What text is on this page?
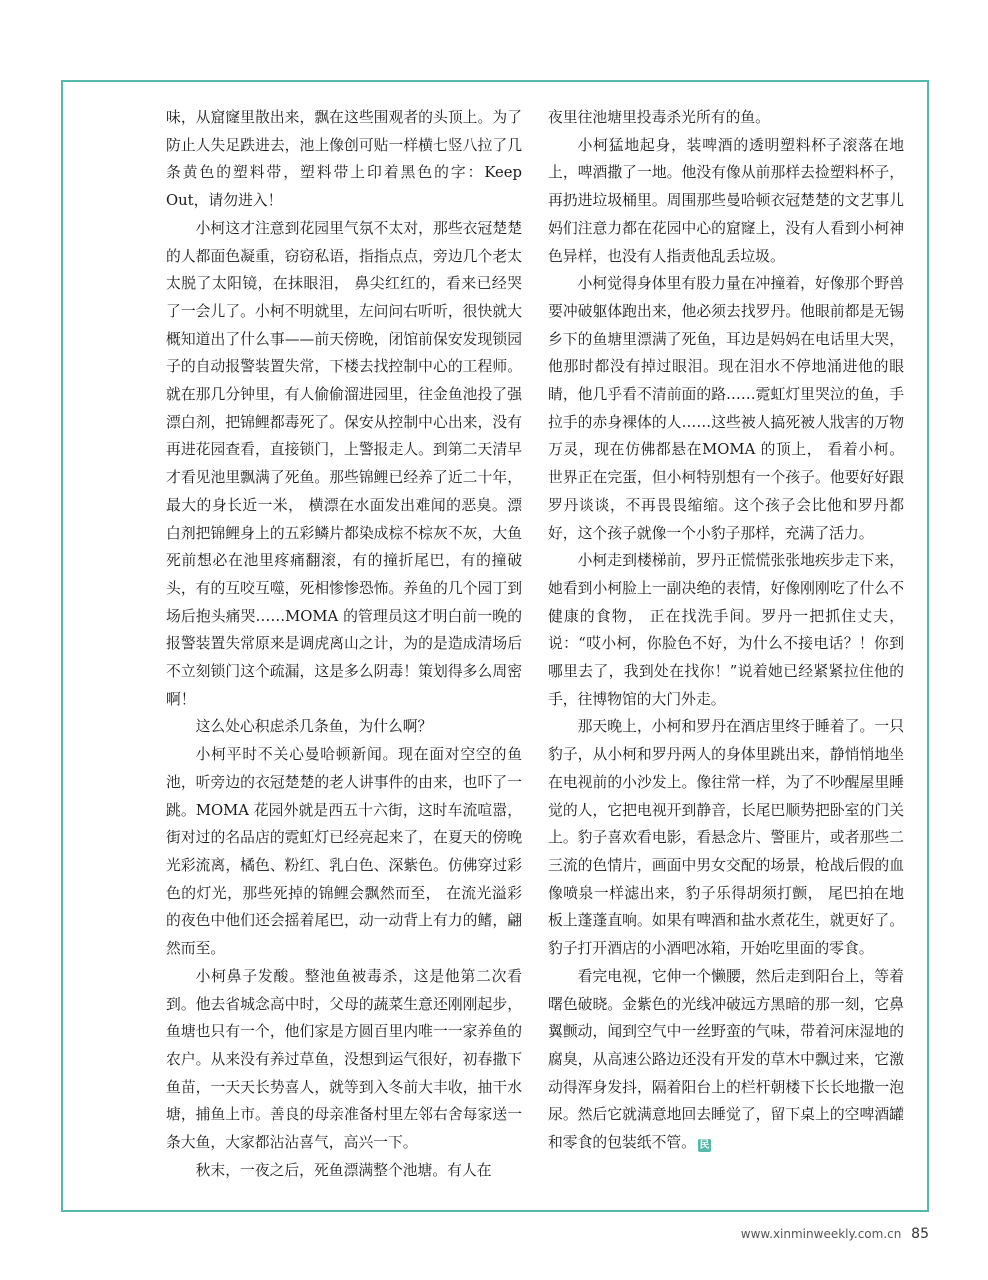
味，从窟窿里散出来，飘在这些围观者的头顶上。为了防止人失足跌进去，池上像创可贴一样横七竖八拉了几条黄色的塑料带，塑料带上印着黑色的字：Keep Out，请勿进入！

小柯这才注意到花园里气氛不太对，那些衣冠楚楚的人都面色凝重，窃窃私语，指指点点，旁边几个老太太脱了太阳镜，在抹眼泪， 鼻尖红红的，看来已经哭了一会儿了。小柯不明就里，左问问右听听，很快就大概知道出了什么事——前天傍晚，闭馆前保安发现锁园子的自动报警装置失常，下楼去找控制中心的工程师。就在那几分钟里，有人偷偷溜进园里，往金鱼池投了强漂白剂，把锦鲤都毒死了。保安从控制中心出来，没有再进花园查看，直接锁门，上警报走人。到第二天清早才看见池里飘满了死鱼。那些锦鲤已经养了近二十年，最大的身长近一米， 横漂在水面发出难闻的恶臭。漂白剂把锦鲤身上的五彩鳞片都染成棕不棕灰不灰，大鱼死前想必在池里疼痛翻滚，有的撞折尾巴，有的撞破头，有的互咬互噬，死相惨惨恐怖。养鱼的几个园丁到场后抱头痛哭……MOMA 的管理员这才明白前一晚的报警装置失常原来是调虎离山之计，为的是造成清场后不立刻锁门这个疏漏，这是多么阴毒！策划得多么周密啊！

这么处心积虑杀几条鱼，为什么啊？

小柯平时不关心曼哈顿新闻。现在面对空空的鱼池，听旁边的衣冠楚楚的老人讲事件的由来，也吓了一跳。MOMA 花园外就是西五十六街，这时车流喧嚣，街对过的名品店的霓虹灯已经亮起来了，在夏天的傍晚光彩流离，橘色、粉红、乳白色、深紫色。仿佛穿过彩色的灯光，那些死掉的锦鲤会飘然而至， 在流光溢彩的夜色中他们还会摇着尾巴，动一动背上有力的鳍，翩然而至。

小柯鼻子发酸。整池鱼被毒杀，这是他第二次看到。他去省城念高中时，父母的蔬菜生意还刚刚起步，鱼塘也只有一个，他们家是方圆百里内唯一一家养鱼的农户。从来没有养过草鱼，没想到运气很好，初春撒下鱼苗，一天天长势喜人，就等到入冬前大丰收，抽干水塘，捕鱼上市。善良的母亲准备村里左邻右舍每家送一条大鱼，大家都沾沾喜气，高兴一下。

秋末，一夜之后，死鱼漂满整个池塘。有人在

夜里往池塘里投毒杀光所有的鱼。

小柯猛地起身，装啤酒的透明塑料杯子滚落在地上，啤酒撒了一地。他没有像从前那样去捡塑料杯子， 再扔进垃圾桶里。周围那些曼哈顿衣冠楚楚的文艺事儿妈们注意力都在花园中心的窟窿上，没有人看到小柯神色异样，也没有人指责他乱丢垃圾。

小柯觉得身体里有股力量在冲撞着，好像那个野兽要冲破躯体跑出来，他必须去找罗丹。他眼前都是无锡乡下的鱼塘里漂满了死鱼，耳边是妈妈在电话里大哭，他那时都没有掉过眼泪。现在泪水不停地涌进他的眼睛，他几乎看不清前面的路……霓虹灯里哭泣的鱼，手拉手的赤身裸体的人……这些被人搞死被人戕害的万物万灵，现在仿佛都悬在MOMA 的顶上， 看着小柯。世界正在完蛋，但小柯特别想有一个孩子。他要好好跟罗丹谈谈，不再畏畏缩缩。这个孩子会比他和罗丹都好，这个孩子就像一个小豹子那样，充满了活力。

小柯走到楼梯前，罗丹正慌慌张张地疾步走下来，她看到小柯脸上一副决绝的表情，好像刚刚吃了什么不健康的食物， 正在找洗手间。罗丹一把抓住丈夫，说：“哎小柯，你脸色不好，为什么不接电话？！你到哪里去了，我到处在找你！”说着她已经紧紧拉住他的手，往博物馆的大门外走。

那天晚上，小柯和罗丹在酒店里终于睡着了。一只豹子，从小柯和罗丹两人的身体里跳出来，静悄悄地坐在电视前的小沙发上。像往常一样，为了不吵醒屋里睡觉的人，它把电视开到静音，长尾巴顺势把卧室的门关上。豹子喜欢看电影，看悬念片、警匪片，或者那些二三流的色情片，画面中男女交配的场景，枪战后假的血像喷泉一样滤出来，豹子乐得胡须打颤， 尾巴拍在地板上蓬蓬直响。如果有啤酒和盐水煮花生，就更好了。豹子打开酒店的小酒吧冰箱，开始吃里面的零食。

看完电视，它伸一个懒腰，然后走到阳台上，等着曙色破晓。金紫色的光线冲破远方黑暗的那一刻，它鼻翼颤动，闻到空气中一丝野蛮的气味，带着河床湿地的腐臭，从高速公路边还没有开发的草木中飘过来，它激动得浑身发抖，隔着阳台上的栏杆朝楼下长长地撒一泡尿。然后它就满意地回去睡觉了，留下桌上的空啤酒罐和零食的包装纸不管。 民

www.xinminweekly.com.cn 85
